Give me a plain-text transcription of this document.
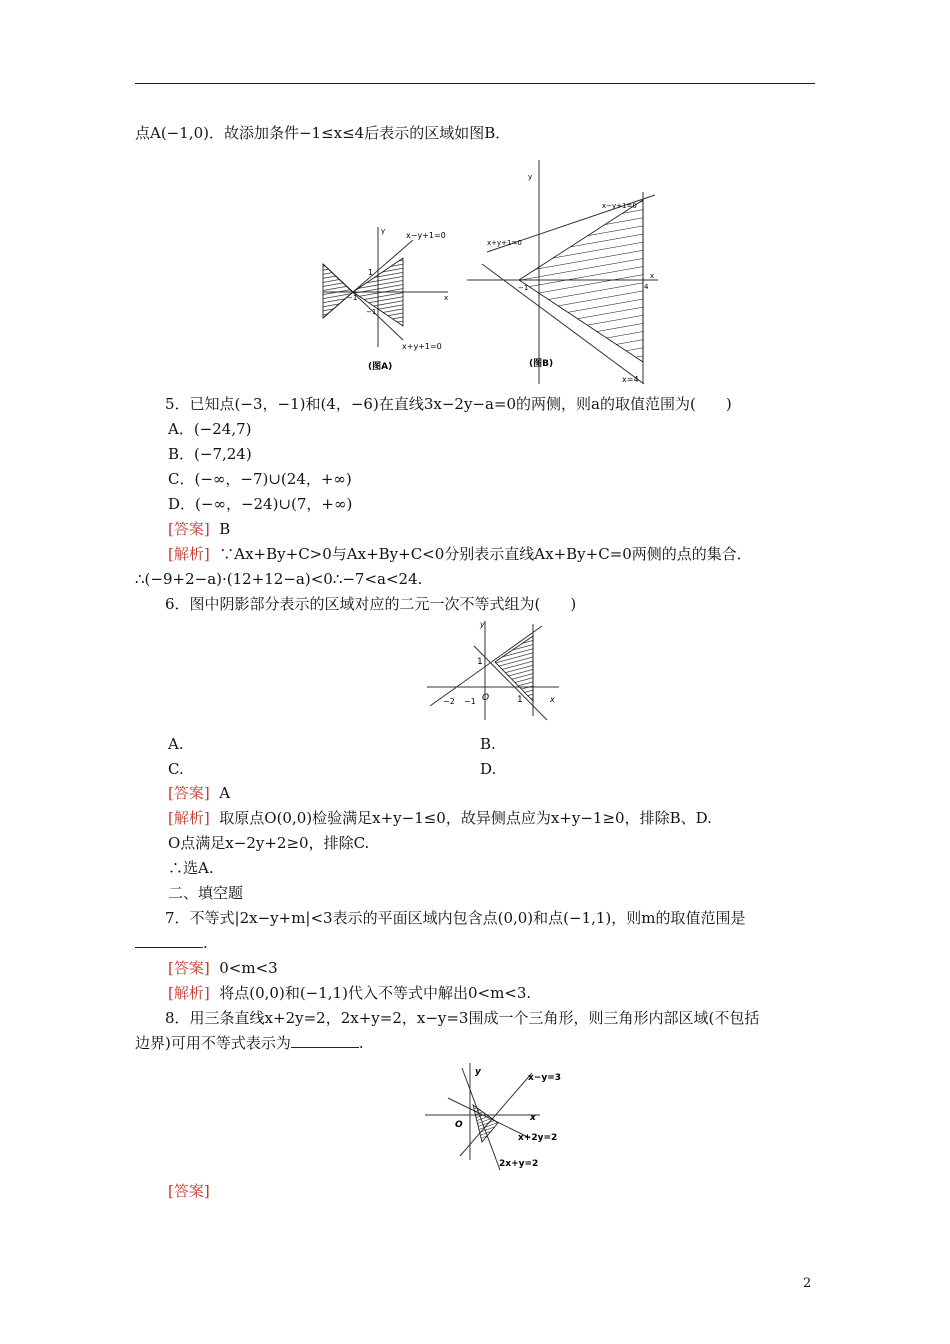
点A(−1,0)．故添加条件−1≤x≤4后表示的区域如图B．
y
x
x−y+1=0
x+y+1=0
1
−1
−1
(图A)
y
x
x−y+1=0
x+y+1=0
x=4
4
−1
(图B)
5．已知点(−3，−1)和(4，−6)在直线3x−2y−a=0的两侧，则a的取值范围为(　　)
A．(−24,7)
B．(−7,24)
C．(−∞，−7)∪(24，+∞)
D．(−∞，−24)∪(7，+∞)
[答案] B
[解析] ∵Ax+By+C>0与Ax+By+C<0分别表示直线Ax+By+C=0两侧的点的集合．
∴(−9+2−a)·(12+12−a)<0∴−7<a<24.
6．图中阴影部分表示的区域对应的二元一次不等式组为(　　)
y
x
1
−2 −1 O	1
A.	B.
C.	D.
[答案] A
[解析] 取原点O(0,0)检验满足x+y−1≤0，故异侧点应为x+y−1≥0，排除B、D.
O点满足x−2y+2≥0，排除C.
∴选A.
二、填空题
7．不等式|2x−y+m|<3表示的平面区域内包含点(0,0)和点(−1,1)，则m的取值范围是
.
[答案] 0<m<3
[解析] 将点(0,0)和(−1,1)代入不等式中解出0<m<3.
8．用三条直线x+2y=2，2x+y=2，x−y=3围成一个三角形，则三角形内部区域(不包括
边界)可用不等式表示为	.
y
x
x−y=3
x+2y=2
2x+y=2
O
[答案]
2
